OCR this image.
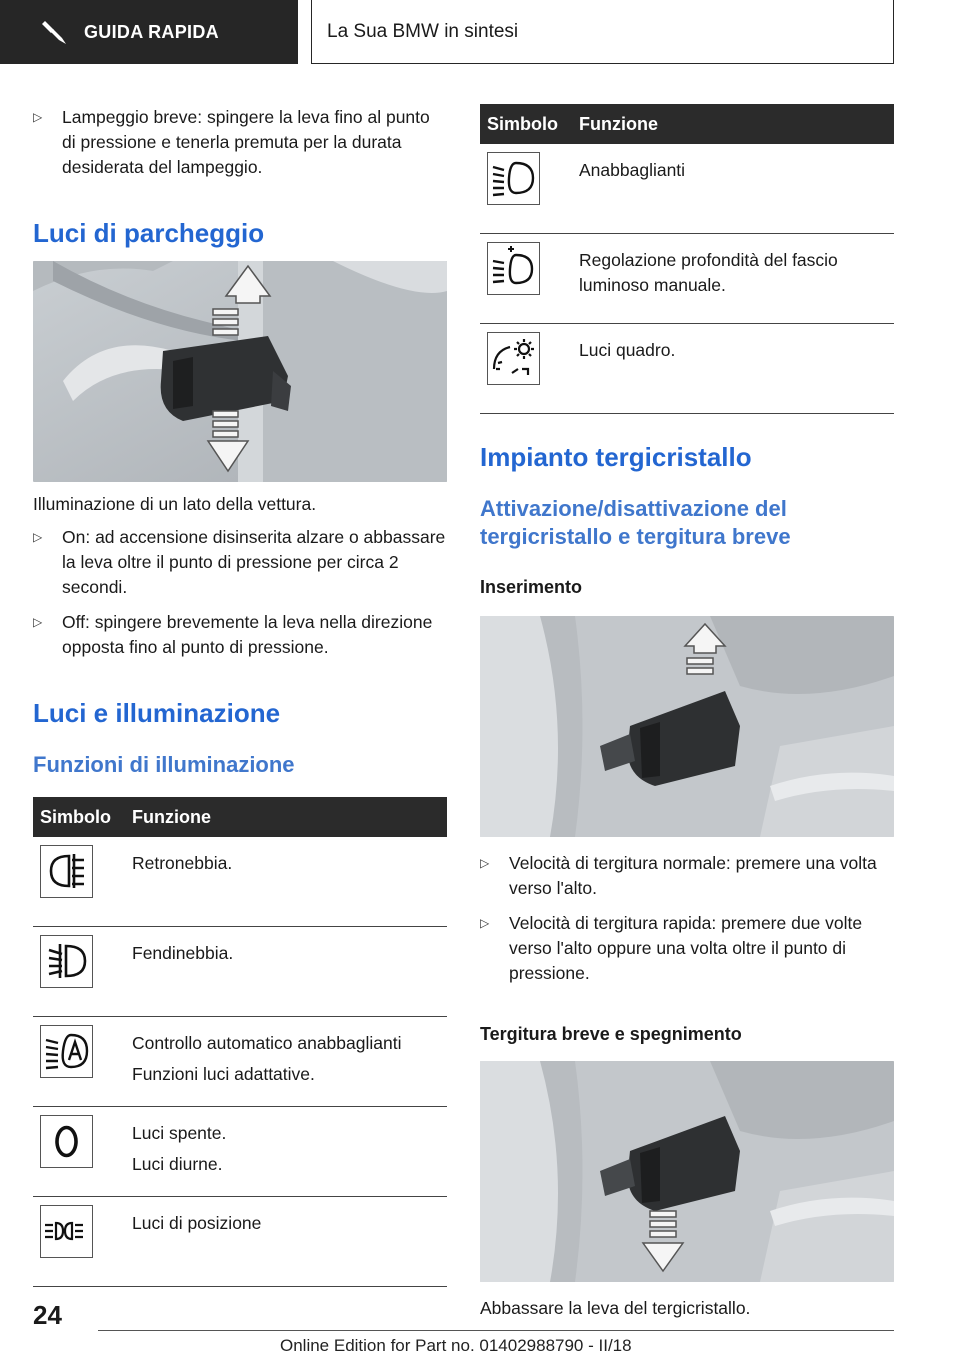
GUIDA RAPIDA	La Sua BMW in sintesi
▷	Lampeggio breve: spingere la leva fino al punto di pressione e tenerla premuta per la durata desiderata del lampeggio.
Luci di parcheggio

Illuminazione di un lato della vettura.

▷	On: ad accensione disinserita alzare o abbassare la leva oltre il punto di pressione per circa 2 secondi.
▷	Off: spingere brevemente la leva nella direzione opposta fino al punto di pressione.
Luci e illuminazione
Funzioni di illuminazione
Simbolo	Funzione

Retronebbia.

Fendinebbia.

Controllo automatico anabbaglianti
Funzioni luci adattative.

Luci spente.
Luci diurne.

Luci di posizione
Simbolo	Funzione

Anabbaglianti

Regolazione profondità del fascio luminoso manuale.

Luci quadro.
Impianto tergicristallo
Attivazione/disattivazione del tergicristallo e tergitura breve
Inserimento
▷	Velocità di tergitura normale: premere una volta verso l'alto.
▷	Velocità di tergitura rapida: premere due volte verso l'alto oppure una volta oltre il punto di pressione.
Tergitura breve e spegnimento

Abbassare la leva del tergicristallo.

24
Online Edition for Part no. 01402988790 - II/18
